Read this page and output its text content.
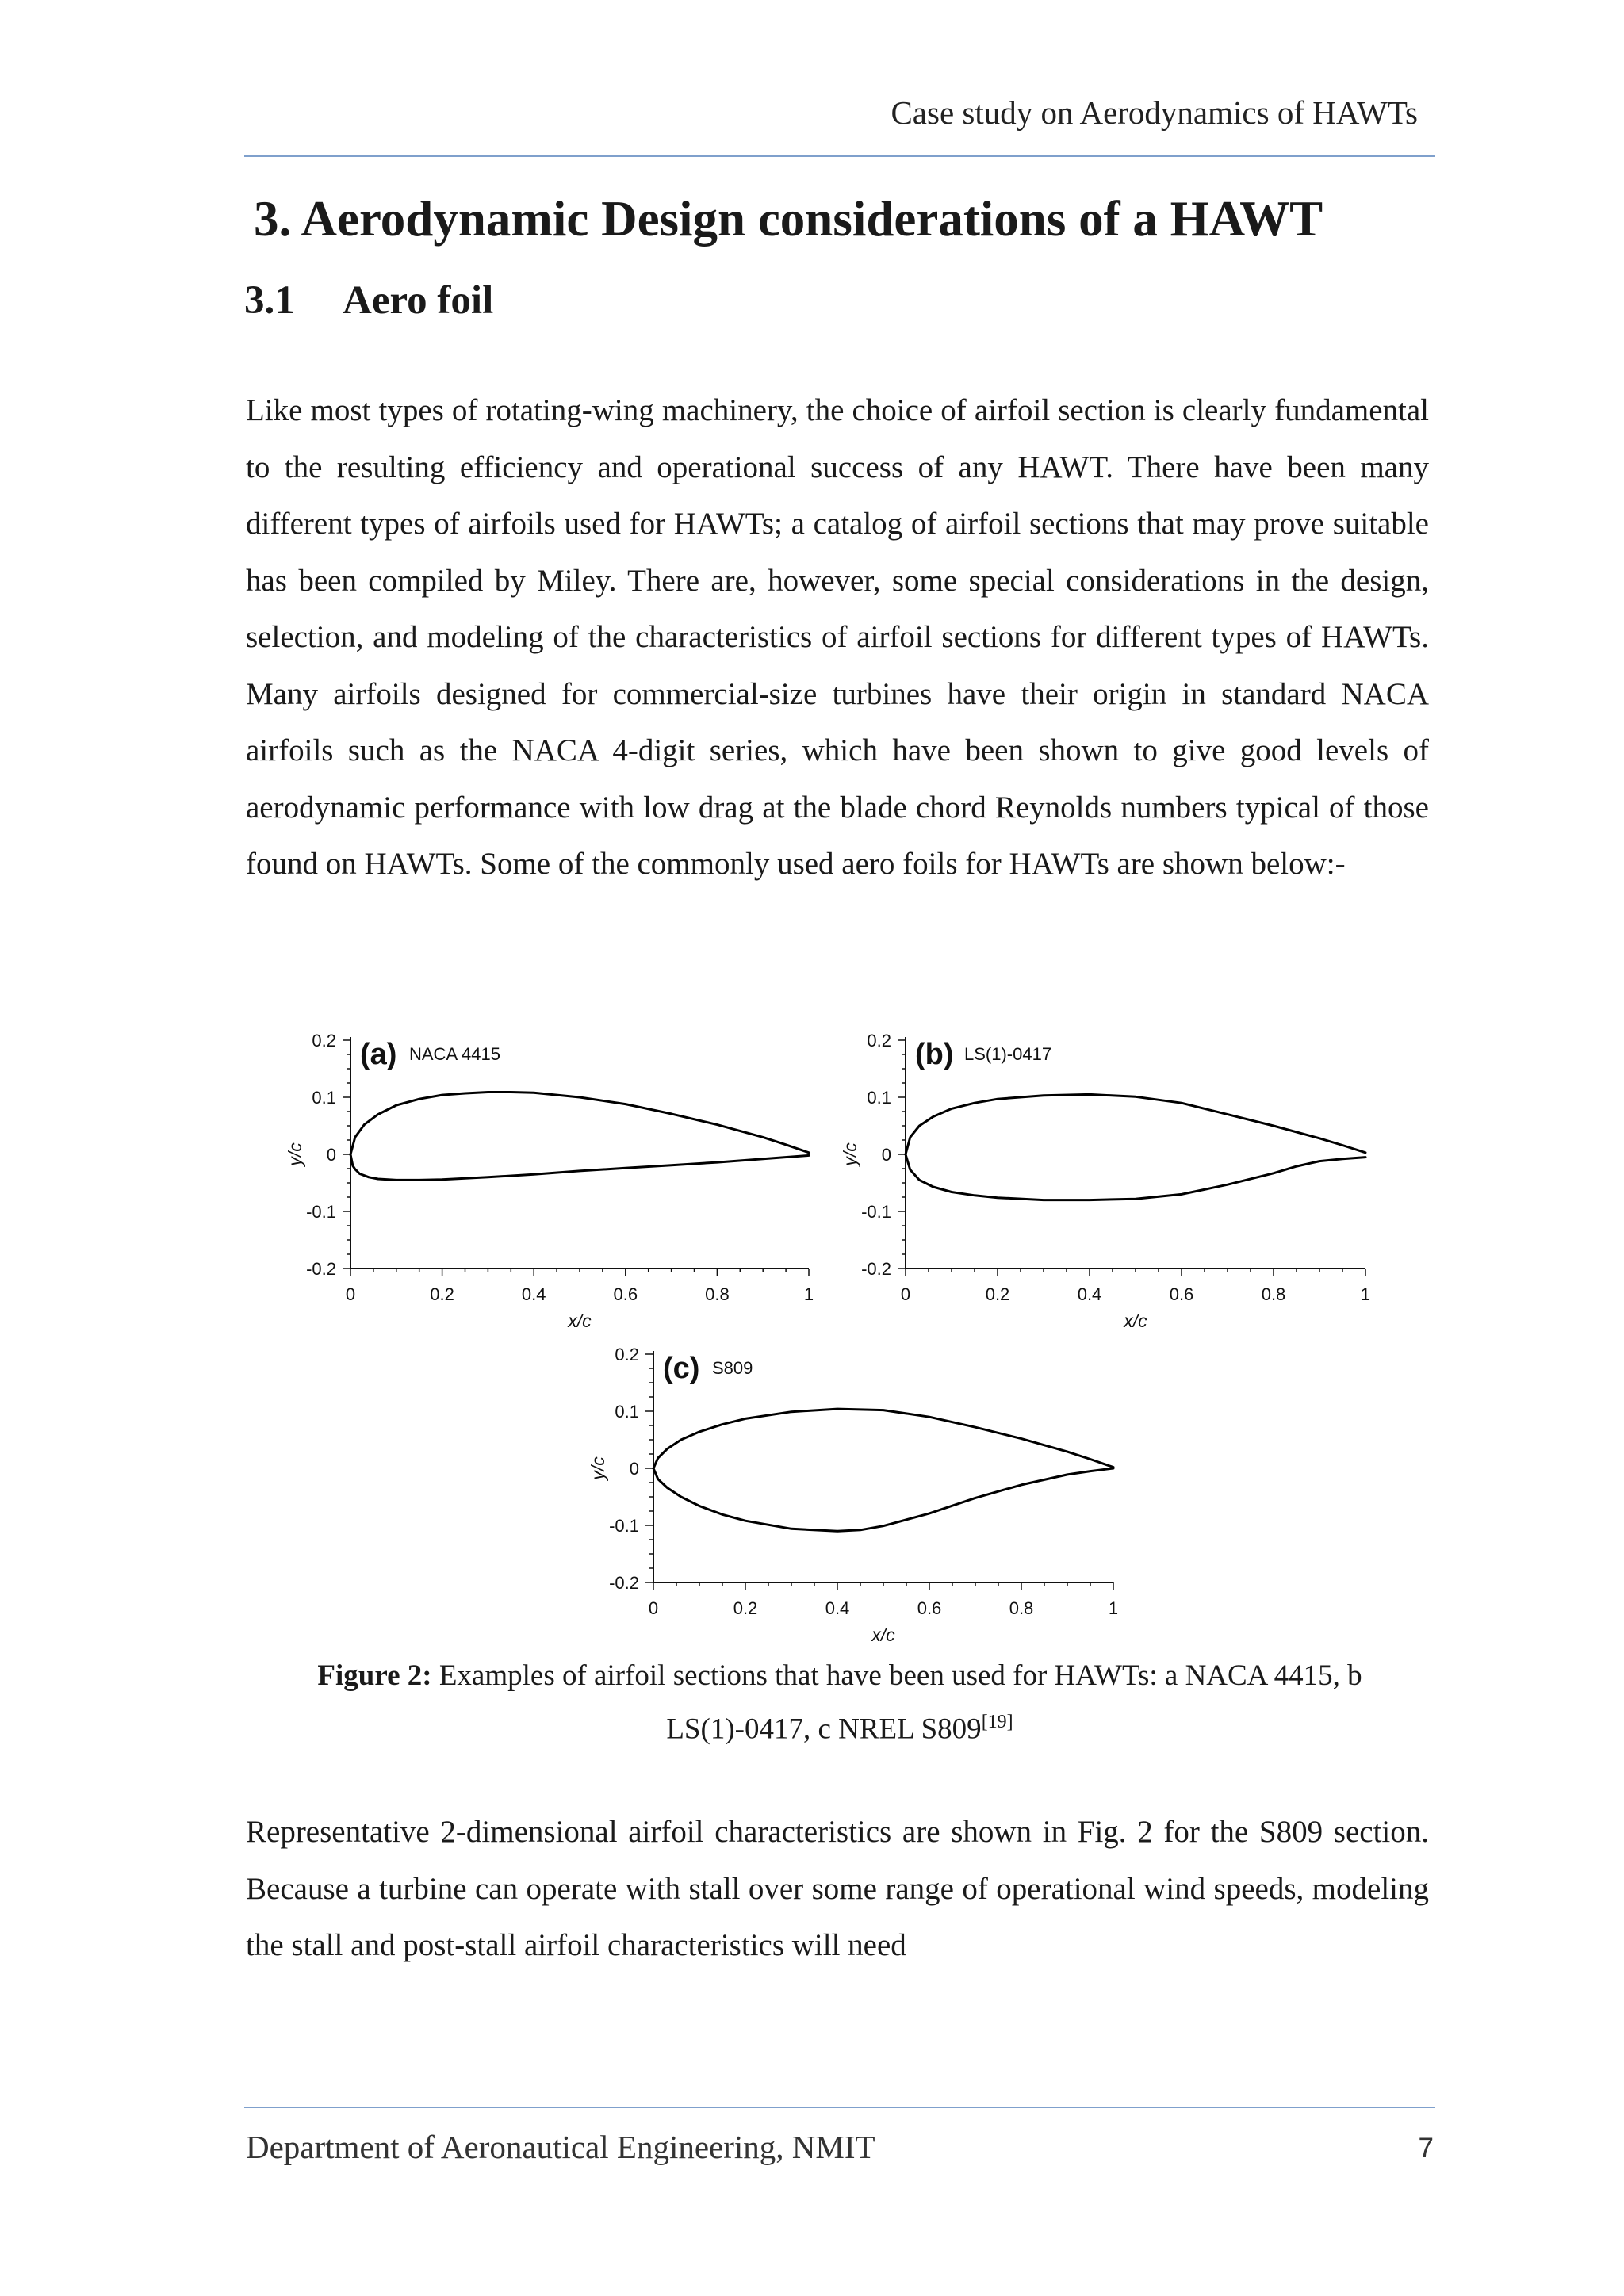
Case study on Aerodynamics of HAWTs
3. Aerodynamic Design considerations of a HAWT
3.1 Aero foil
Like most types of rotating-wing machinery, the choice of airfoil section is clearly fundamental to the resulting efficiency and operational success of any HAWT. There have been many different types of airfoils used for HAWTs; a catalog of airfoil sections that may prove suitable has been compiled by Miley. There are, however, some special considerations in the design, selection, and modeling of the characteristics of airfoil sections for different types of HAWTs. Many airfoils designed for commercial-size turbines have their origin in standard NACA airfoils such as the NACA 4-digit series, which have been shown to give good levels of aerodynamic performance with low drag at the blade chord Reynolds numbers typical of those found on HAWTs. Some of the commonly used aero foils for HAWTs are shown below:-
0	0.2	0.4	0.6	0.8	1
0.2
0.1
0
-0.1
-0.2
x/c
y/c
(a) NACA 4415
0	0.2	0.4	0.6	0.8	1
0.2
0.1
0
-0.1
-0.2
x/c
y/c
(b) LS(1)-0417
0	0.2	0.4	0.6	0.8	1
0.2
0.1
0
-0.1
-0.2
x/c
y/c
(c) S809
Figure 2: Examples of airfoil sections that have been used for HAWTs: a NACA 4415, b LS(1)-0417, c NREL S809[19]
Representative 2-dimensional airfoil characteristics are shown in Fig. 2 for the S809 section. Because a turbine can operate with stall over some range of operational wind speeds, modeling the stall and post-stall airfoil characteristics will need
Department of Aeronautical Engineering, NMIT	7
